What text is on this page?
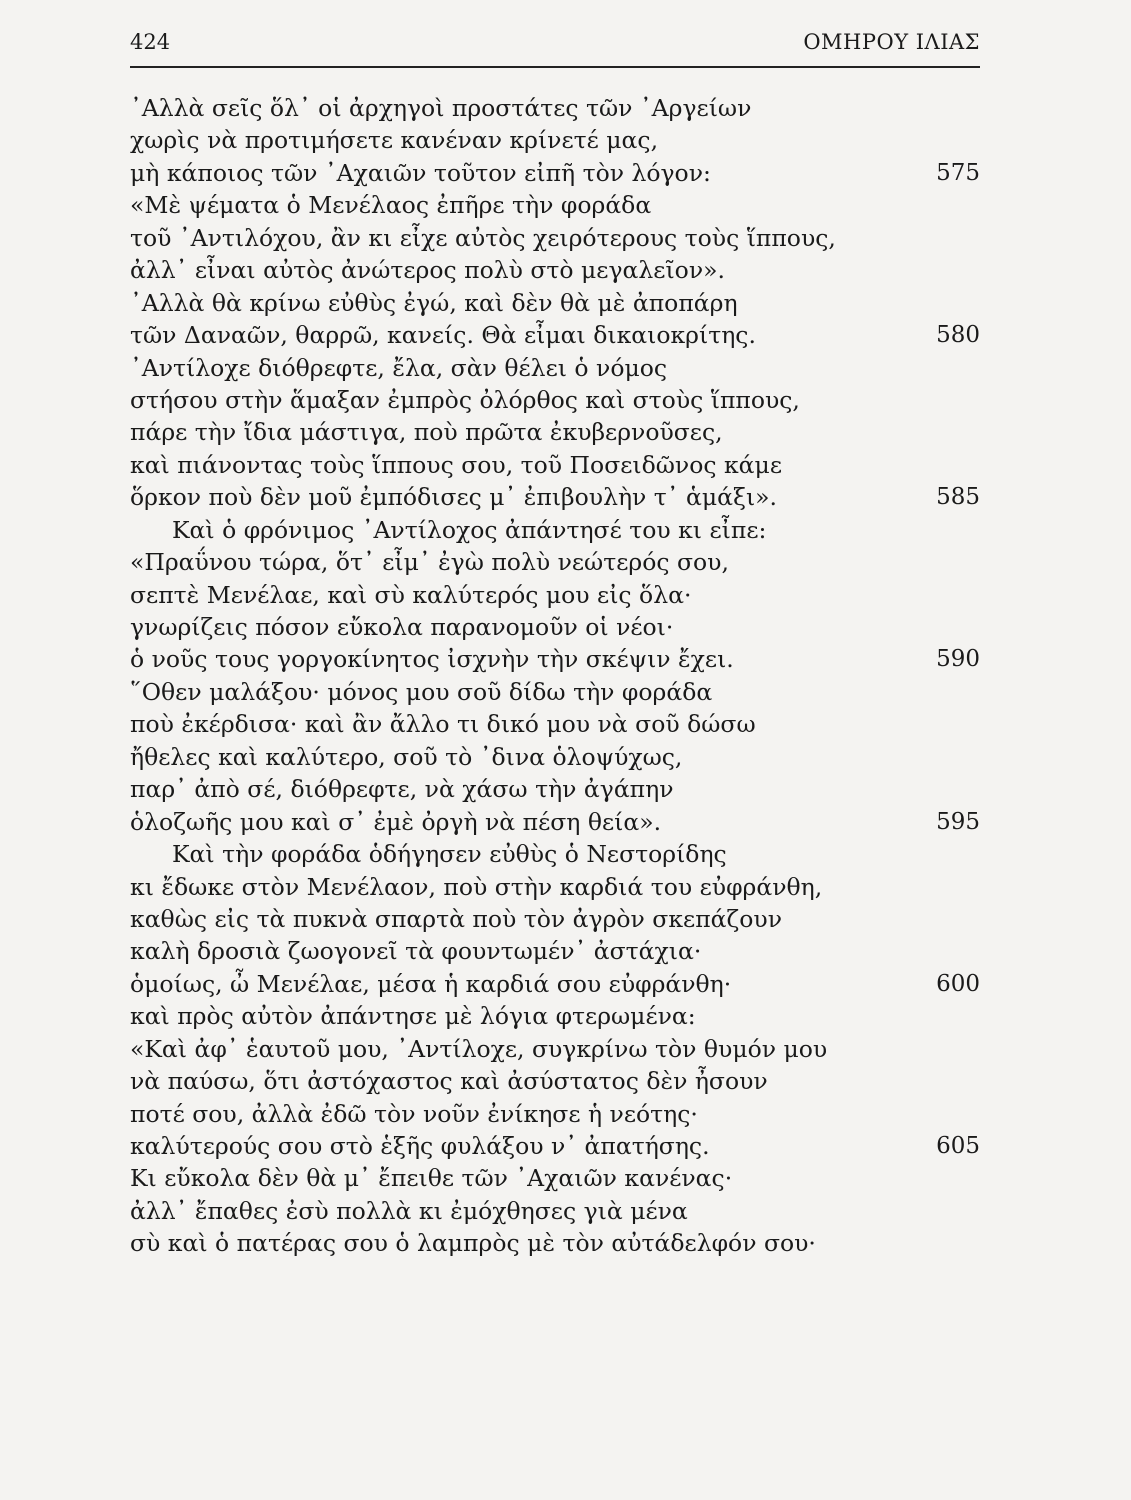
424	ΟΜΗΡΟΥ ΙΛΙΑΣ
᾿Αλλὰ σεῖς ὅλ᾿ οἱ ἀρχηγοὶ προστάτες τῶν ᾿Αργείων
χωρὶς νὰ προτιμήσετε κανέναν κρίνετέ μας,
μὴ κάποιος τῶν ᾿Αχαιῶν τοῦτον εἰπῆ τὸν λόγον:	575
«Μὲ ψέματα ὁ Μενέλαος ἐπῆρε τὴν φοράδα
τοῦ ᾿Αντιλόχου, ἂν κι εἶχε αὐτὸς χειρότερους τοὺς ἵππους,
ἀλλ᾿ εἶναι αὐτὸς ἀνώτερος πολὺ στὸ μεγαλεῖον».
᾿Αλλὰ θὰ κρίνω εὐθὺς ἐγώ, καὶ δὲν θὰ μὲ ἀποπάρη
τῶν Δαναῶν, θαρρῶ, κανείς. Θὰ εἶμαι δικαιοκρίτης.	580
᾿Αντίλοχε διόθρεφτε, ἔλα, σὰν θέλει ὁ νόμος
στήσου στὴν ἅμαξαν ἐμπρὸς ὀλόρθος καὶ στοὺς ἵππους,
πάρε τὴν ἴδια μάστιγα, ποὺ πρῶτα ἐκυβερνοῦσες,
καὶ πιάνοντας τοὺς ἵππους σου, τοῦ Ποσειδῶνος κάμε
ὅρκον ποὺ δὲν μοῦ ἐμπόδισες μ᾿ ἐπιβουλὴν τ᾿ ἁμάξι».	585
Καὶ ὁ φρόνιμος ᾿Αντίλοχος ἀπάντησέ του κι εἶπε:
«Πραΰνου τώρα, ὅτ᾿ εἶμ᾿ ἐγὼ πολὺ νεώτερός σου,
σεπτὲ Μενέλαε, καὶ σὺ καλύτερός μου εἰς ὅλα·
γνωρίζεις πόσον εὔκολα παρανομοῦν οἱ νέοι·
ὁ νοῦς τους γοργοκίνητος ἰσχνὴν τὴν σκέψιν ἔχει.	590
῞Οθεν μαλάξου· μόνος μου σοῦ δίδω τὴν φοράδα
ποὺ ἐκέρδισα· καὶ ἂν ἄλλο τι δικό μου νὰ σοῦ δώσω
ἤθελες καὶ καλύτερο, σοῦ τὸ ᾿δινα ὁλοψύχως,
παρ᾿ ἀπὸ σέ, διόθρεφτε, νὰ χάσω τὴν ἀγάπην
ὁλοζωῆς μου καὶ σ᾿ ἐμὲ ὀργὴ νὰ πέση θεία».	595
Καὶ τὴν φοράδα ὁδήγησεν εὐθὺς ὁ Νεστορίδης
κι ἔδωκε στὸν Μενέλαον, ποὺ στὴν καρδιά του εὐφράνθη,
καθὼς εἰς τὰ πυκνὰ σπαρτὰ ποὺ τὸν ἀγρὸν σκεπάζουν
καλὴ δροσιὰ ζωογονεῖ τὰ φουντωμέν᾿ ἀστάχια·
ὁμοίως, ὦ Μενέλαε, μέσα ἡ καρδιά σου εὐφράνθη·	600
καὶ πρὸς αὐτὸν ἀπάντησε μὲ λόγια φτερωμένα:
«Καὶ ἀφ᾿ ἑαυτοῦ μου, ᾿Αντίλοχε, συγκρίνω τὸν θυμόν μου
νὰ παύσω, ὅτι ἀστόχαστος καὶ ἀσύστατος δὲν ἦσουν
ποτέ σου, ἀλλὰ ἐδῶ τὸν νοῦν ἐνίκησε ἡ νεότης·
καλύτερούς σου στὸ ἑξῆς φυλάξου ν᾿ ἀπατήσης.	605
Κι εὔκολα δὲν θὰ μ᾿ ἔπειθε τῶν ᾿Αχαιῶν κανένας·
ἀλλ᾿ ἔπαθες ἐσὺ πολλὰ κι ἐμόχθησες γιὰ μένα
σὺ καὶ ὁ πατέρας σου ὁ λαμπρὸς μὲ τὸν αὐτάδελφόν σου·
